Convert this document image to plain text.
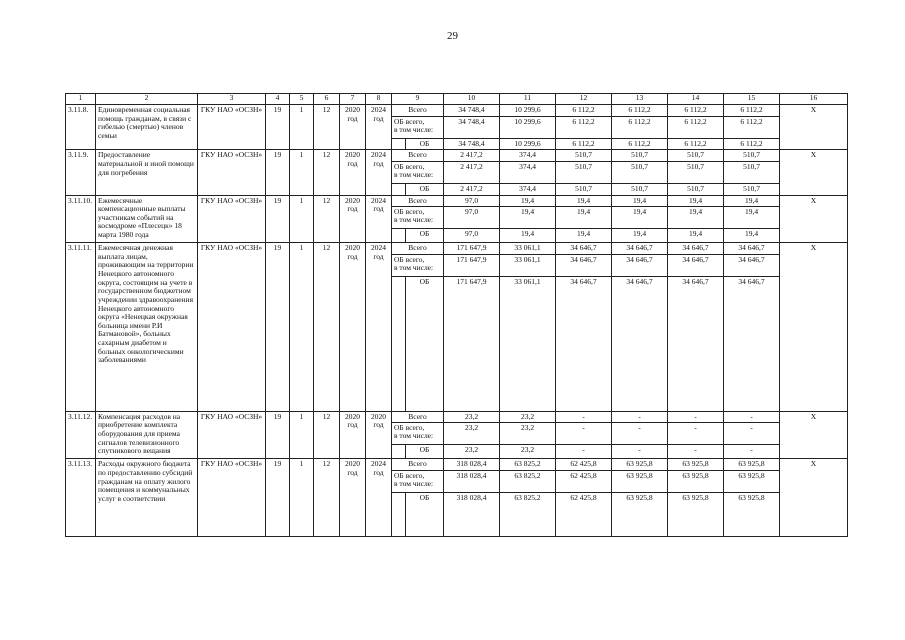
29
1	2	3	4	5	6	7	8	9		10	11	12	13	14	15	16
3.11.8.	Единовременная социальная помощь гражданам, в связи с гибелью (смертью) членов семьи	ГКУ НАО «ОСЗН»	19	1	12	2020 год	2024 год	Всего		34 748,4	10 299,6	6 112,2	6 112,2	6 112,2	6 112,2	X
								ОБ всего,
в том числе:		34 748,4	10 299,6	6 112,2	6 112,2	6 112,2	6 112,2	
									ОБ	34 748,4	10 299,6	6 112,2	6 112,2	6 112,2	6 112,2	
3.11.9.	Предоставление материальной и иной помощи для погребения	ГКУ НАО «ОСЗН»	19	1	12	2020 год	2024 год	Всего		2 417,2	374,4	510,7	510,7	510,7	510,7	X
								ОБ всего,
в том числе:		2 417,2	374,4	510,7	510,7	510,7	510,7	
									ОБ	2 417,2	374,4	510,7	510,7	510,7	510,7	
3.11.10.	Ежемесячные компенсационные выплаты участникам событий на космодроме «Плесецк» 18 марта 1980 года	ГКУ НАО «ОСЗН»	19	1	12	2020 год	2024 год	Всего		97,0	19,4	19,4	19,4	19,4	19,4	X
								ОБ всего,
в том числе:		97,0	19,4	19,4	19,4	19,4	19,4	
									ОБ	97,0	19,4	19,4	19,4	19,4	19,4	
3.11.11.	Ежемесячная денежная выплата лицам, проживающим на территории Ненецкого автономного округа, состоящим на учете в государственном бюджетном учреждении здравоохранения Ненецкого автономного округа «Ненецкая окружная больница имени Р.И Батмановой», больных сахарным диабетом и больных онкологическими заболеваниями	ГКУ НАО «ОСЗН»	19	1	12	2020 год	2024 год	Всего		171 647,9	33 061,1	34 646,7	34 646,7	34 646,7	34 646,7	X
								ОБ всего,
в том числе:		171 647,9	33 061,1	34 646,7	34 646,7	34 646,7	34 646,7	
									ОБ	171 647,9	33 061,1	34 646,7	34 646,7	34 646,7	34 646,7	
3.11.12.	Компенсация расходов на приобретение комплекта оборудования для приема сигналов телевизионного спутникового вещания	ГКУ НАО «ОСЗН»	19	1	12	2020 год	2020 год	Всего		23,2	23,2	-	-	-	-	X
								ОБ всего,
в том числе:		23,2	23,2	-	-	-	-	
									ОБ	23,2	23,2	-	-	-	-	
3.11.13.	Расходы окружного бюджета по предоставлению субсидий гражданам на оплату жилого помещения и коммунальных услуг в соответствии	ГКУ НАО «ОСЗН»	19	1	12	2020 год	2024 год	Всего		318 028,4	63 825,2	62 425,8	63 925,8	63 925,8	63 925,8	X
								ОБ всего,
в том числе:		318 028,4	63 825,2	62 425,8	63 925,8	63 925,8	63 925,8	
									ОБ	318 028,4	63 825,2	62 425,8	63 925,8	63 925,8	63 925,8	
